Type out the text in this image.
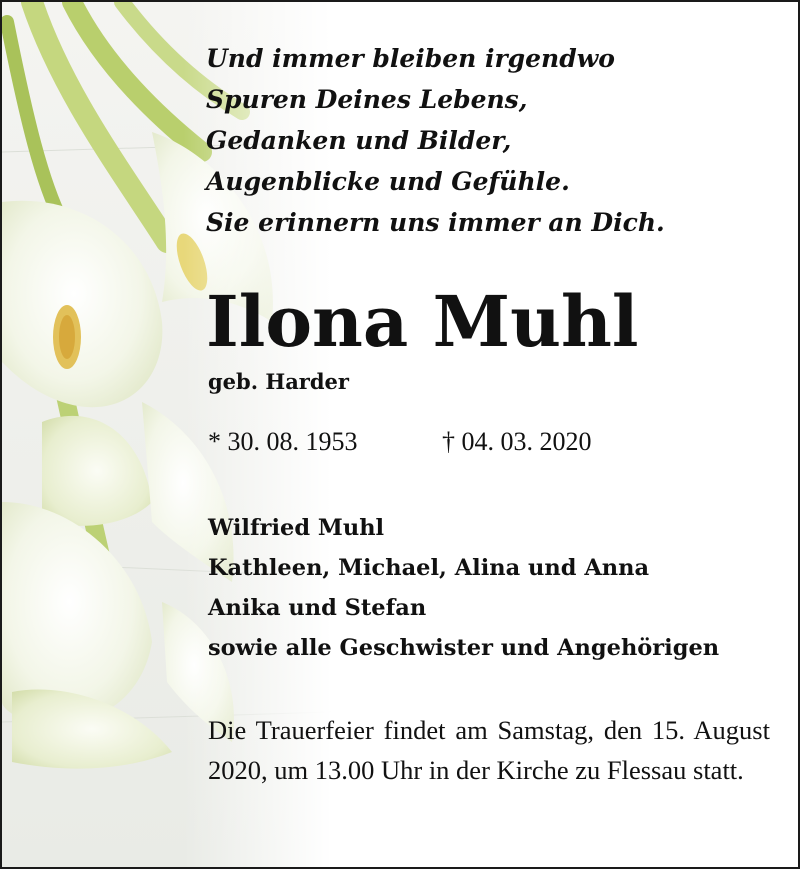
Und immer bleiben irgendwo
Spuren Deines Lebens,
Gedanken und Bilder,
Augenblicke und Gefühle.
Sie erinnern uns immer an Dich.
Ilona Muhl
geb. Harder
* 30. 08. 1953	† 04. 03. 2020
Wilfried Muhl
Kathleen, Michael, Alina und Anna
Anika und Stefan
sowie alle Geschwister und Angehörigen
Die Trauerfeier findet am Samstag, den 15. August 2020, um 13.00 Uhr in der Kirche zu Flessau statt.
